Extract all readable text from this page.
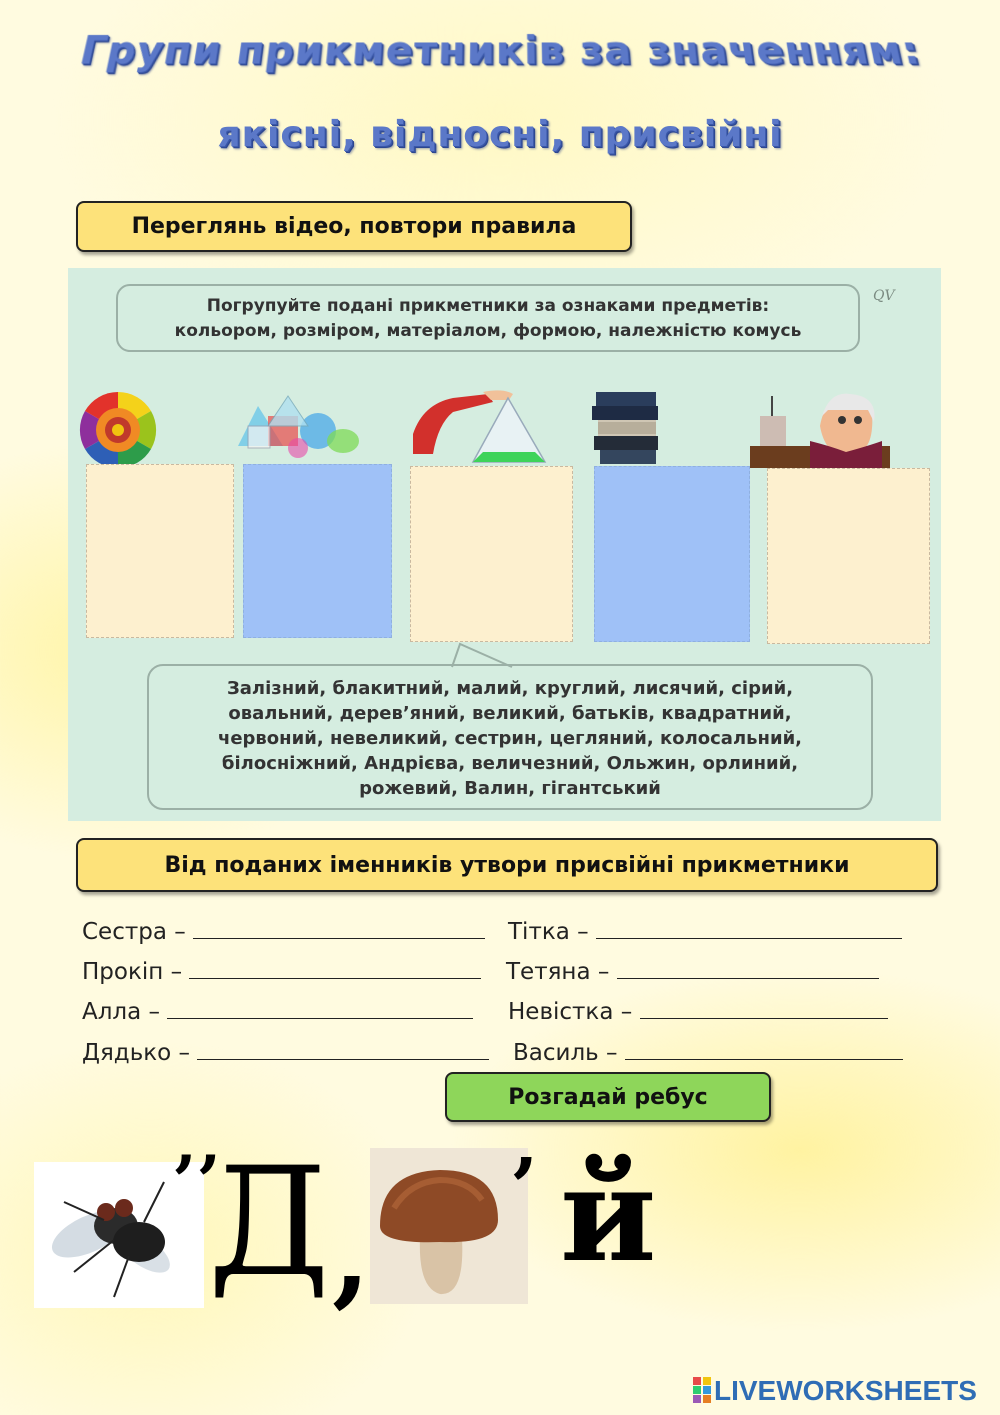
Групи прикметників за значенням:
якісні, відносні, присвійні
Переглянь відео, повтори правила
Погрупуйте подані прикметники за ознаками предметів:
кольором, розміром, матеріалом, формою, належністю комусь
QV
Залізний, блакитний, малий, круглий, лисячий, сірий,
овальний, дерев’яний, великий, батьків, квадратний,
червоний, невеликий, сестрин, цегляний, колосальний,
білосніжний, Андрієва, величезний, Ольжин, орлиний,
рожевий, Валин, гігантський
Від поданих іменників утвори присвійні прикметники
Сестра –	Тітка –
Прокіп –	Тетяна –
Алла –	Невістка –
Дядько –	Василь –
Розгадай ребус
’’
Д ,
’ й
LIVEWORKSHEETS
